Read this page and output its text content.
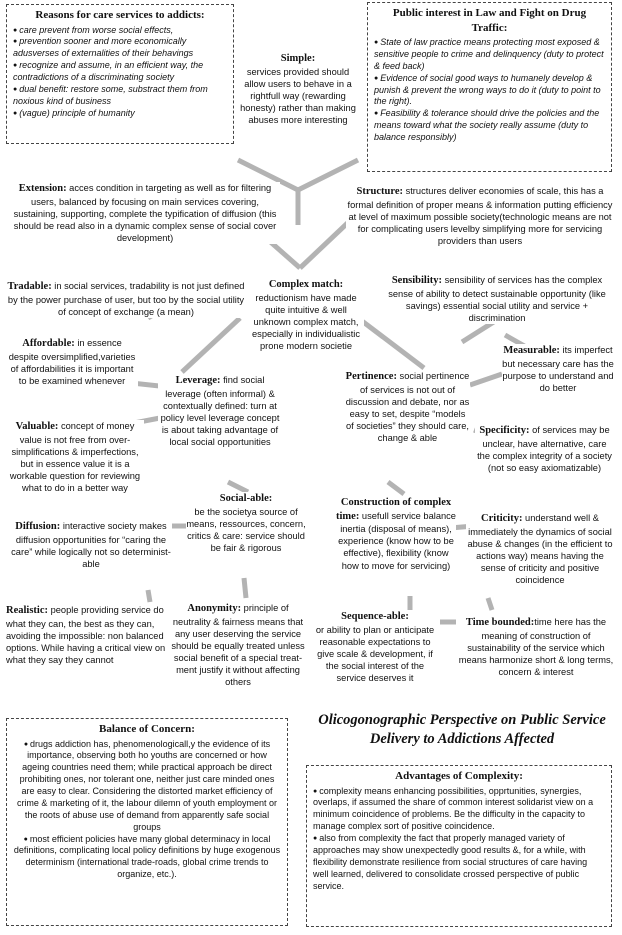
Reasons for care services to addicts:
● care prevent from worse social effects,
● prevention sooner and more economically adusverses of externalities of their behavings
● recognize and assume, in an efficient way, the contradictions of a discriminating society
● dual benefit: restore some, substract them from noxious kind of business
● (vague) principle of humanity
Public interest in Law and Fight on Drug Traffic:
● State of law practice means protecting most exposed & sensitive people to crime and delinquency (duty to protect & feed back)
● Evidence of social good ways to humanely develop & punish & prevent the wrong ways to do it (duty to point to the right).
● Feasibility & tolerance should drive the policies and the means toward what the society really assume (duty to balance responsibly)
Simple:
services provided should allow users to behave in a rightfull way (rewarding honesty) rather than making abuses more interesting
Extension: acces condition in targeting as well as for filtering users, balanced by focusing on main services covering, sustaining, supporting, complete the typification of diffusion (this should be read also in a dynamic complex sense of social cover development)
Structure: structures deliver economies of scale, this has a formal definition of proper means & information putting efficiency at level of maximum possible society(technologic means are not for complicating users levelby simplifying more for servicing providers than users
Tradable: in social services, tradability is not just defined by the power purchase of user, but too by the social utility of concept of exchange (a mean)
Complex match:
reductionism have made quite intuitive & well unknown complex match, especially in individualistic prone modern societie
Sensibility: sensibility of services has the complex sense of ability to detect sustainable opportunity (like savings) essential social utility and service + discrimination
Affordable: in essence despite oversimplified,varieties of affordabilities it is important to be examined whenever
Measurable: its imperfect but necessary care has the purpose to understand and do better
Leverage: find social leverage (often informal) & contextually defined: turn at policy level leverage concept is about taking advantage of local social opportunities
Pertinence: social pertinence of services is not out of discussion and debate, nor as easy to set, despite “models of societies” they should care, change & able
Valuable: concept of money value is not free from over-simplifications & imperfections, but in essence value it is a workable question for reviewing what to do in a better way
Specificity: of services may be unclear, have alternative, care the complex integrity of a society (not so easy axiomatizable)
Social-able:
be the societya source of means, ressources, concern, critics & care: service should be fair & rigorous
Construction of complex time: usefull service balance inertia (disposal of means), experience (know how to be effective), flexibility (know how to move for servicing)
Diffusion: interactive society makes diffusion opportunities for “caring the care” while logically not so determinist-able
Criticity: understand well & immediately the dynamics of social abuse & changes (in the efficient to actions way) means having the sense of criticity and positive coincidence
Realistic: people providing service do what they can, the best as they can, avoiding the impossible: non balanced options. While having a critical view on what they say they cannot
Anonymity: principle of neutrality & fairness means that any user deserving the service should be equally treated unless social benefit of a special treat-ment justify it without affecting others
Sequence-able:
or ability to plan or anticipate reasonable expectations to give scale & development, if the social interest of the service deserves it
Time bounded:time here has the meaning of construction of sustainability of the service which means harmonize short & long terms, concern & interest
Olicogonographic Perspective on Public Service Delivery to Addictions Affected
Balance of Concern:
● drugs addiction has, phenomenologicall,y the evidence of its importance, observing both ho youths are concerned or how ageing countries need them; while practical approach be direct prohibiting ones, nor tolerant one, neither just care minded ones are easy to clear. Considering the distorted market efficiency of crime & marketing of it, the labour dilemn of youth employment or the roots of abuse use of demand from apparently safe social groups
● most efficient policies have many global determinacy in local definitions, complicating local policy definitions by huge exogenous determinism (international trade-roads, global crime trends to organize, etc.).
Advantages of Complexity:
● complexity means enhancing possibilities, opprtunities, synergies, overlaps, if assumed the share of common interest solidarist view on a minimum coincidence of problems. Be the difficulty in the capacity to manage complex sort of positive coincidence.
● also from complexity the fact that properly managed variety of approaches may show unexpectedly good results &, for a while, with flexibility demonstrate resilience from social structures of care having well learned, delivered to consolidate crossed perspective of public service.
